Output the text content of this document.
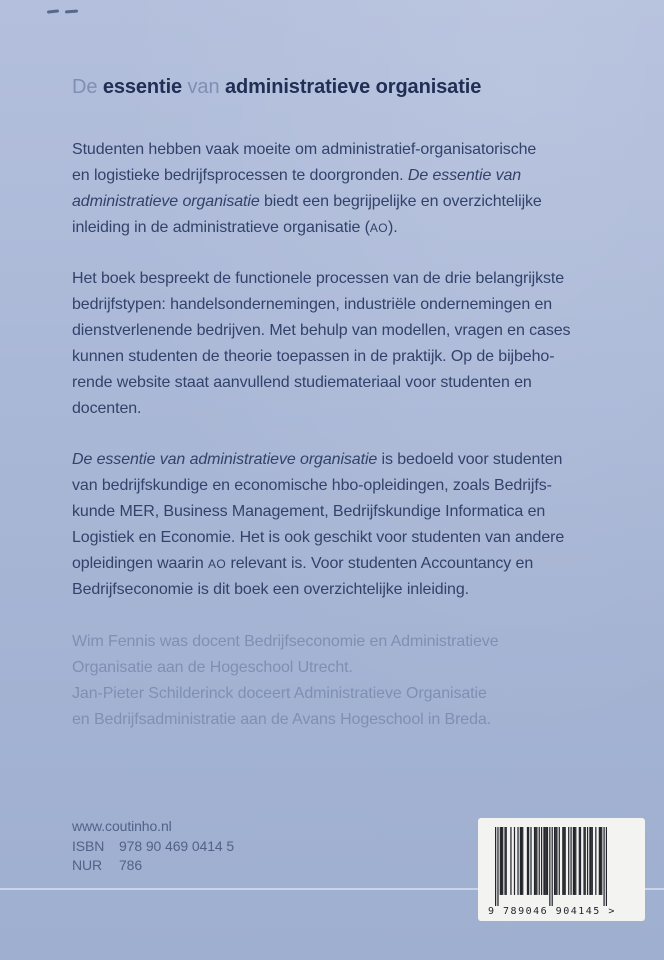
De essentie van administratieve organisatie
Studenten hebben vaak moeite om administratief-organisatorische
en logistieke bedrijfsprocessen te doorgronden. De essentie van
administratieve organisatie biedt een begrijpelijke en overzichtelijke
inleiding in de administratieve organisatie (AO).
Het boek bespreekt de functionele processen van de drie belangrijkste
bedrijfstypen: handelsondernemingen, industriële ondernemingen en
dienstverlenende bedrijven. Met behulp van modellen, vragen en cases
kunnen studenten de theorie toepassen in de praktijk. Op de bijbeho-
rende website staat aanvullend studiemateriaal voor studenten en
docenten.
De essentie van administratieve organisatie is bedoeld voor studenten
van bedrijfskundige en economische hbo-opleidingen, zoals Bedrijfs-
kunde MER, Business Management, Bedrijfskundige Informatica en
Logistiek en Economie. Het is ook geschikt voor studenten van andere
opleidingen waarin AO relevant is. Voor studenten Accountancy en
Bedrijfseconomie is dit boek een overzichtelijke inleiding.
Wim Fennis was docent Bedrijfseconomie en Administratieve
Organisatie aan de Hogeschool Utrecht.
Jan-Pieter Schilderinck doceert Administratieve Organisatie
en Bedrijfsadministratie aan de Avans Hogeschool in Breda.
www.coutinho.nl
ISBN 978 90 469 0414 5
NUR 786
9 789046 904145 >
